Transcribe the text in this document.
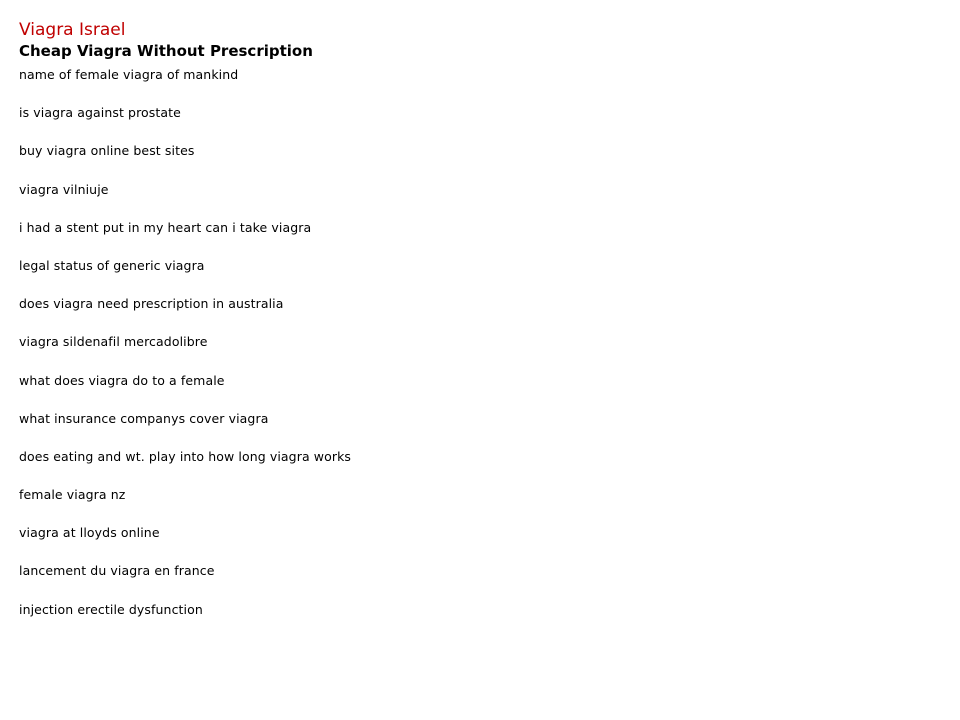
Viagra Israel
Cheap Viagra Without Prescription
name of female viagra of mankind
is viagra against prostate
buy viagra online best sites
viagra vilniuje
i had a stent put in my heart can i take viagra
legal status of generic viagra
does viagra need prescription in australia
viagra sildenafil mercadolibre
what does viagra do to a female
what insurance companys cover viagra
does eating and wt. play into how long viagra works
female viagra nz
viagra at lloyds online
lancement du viagra en france
injection erectile dysfunction
